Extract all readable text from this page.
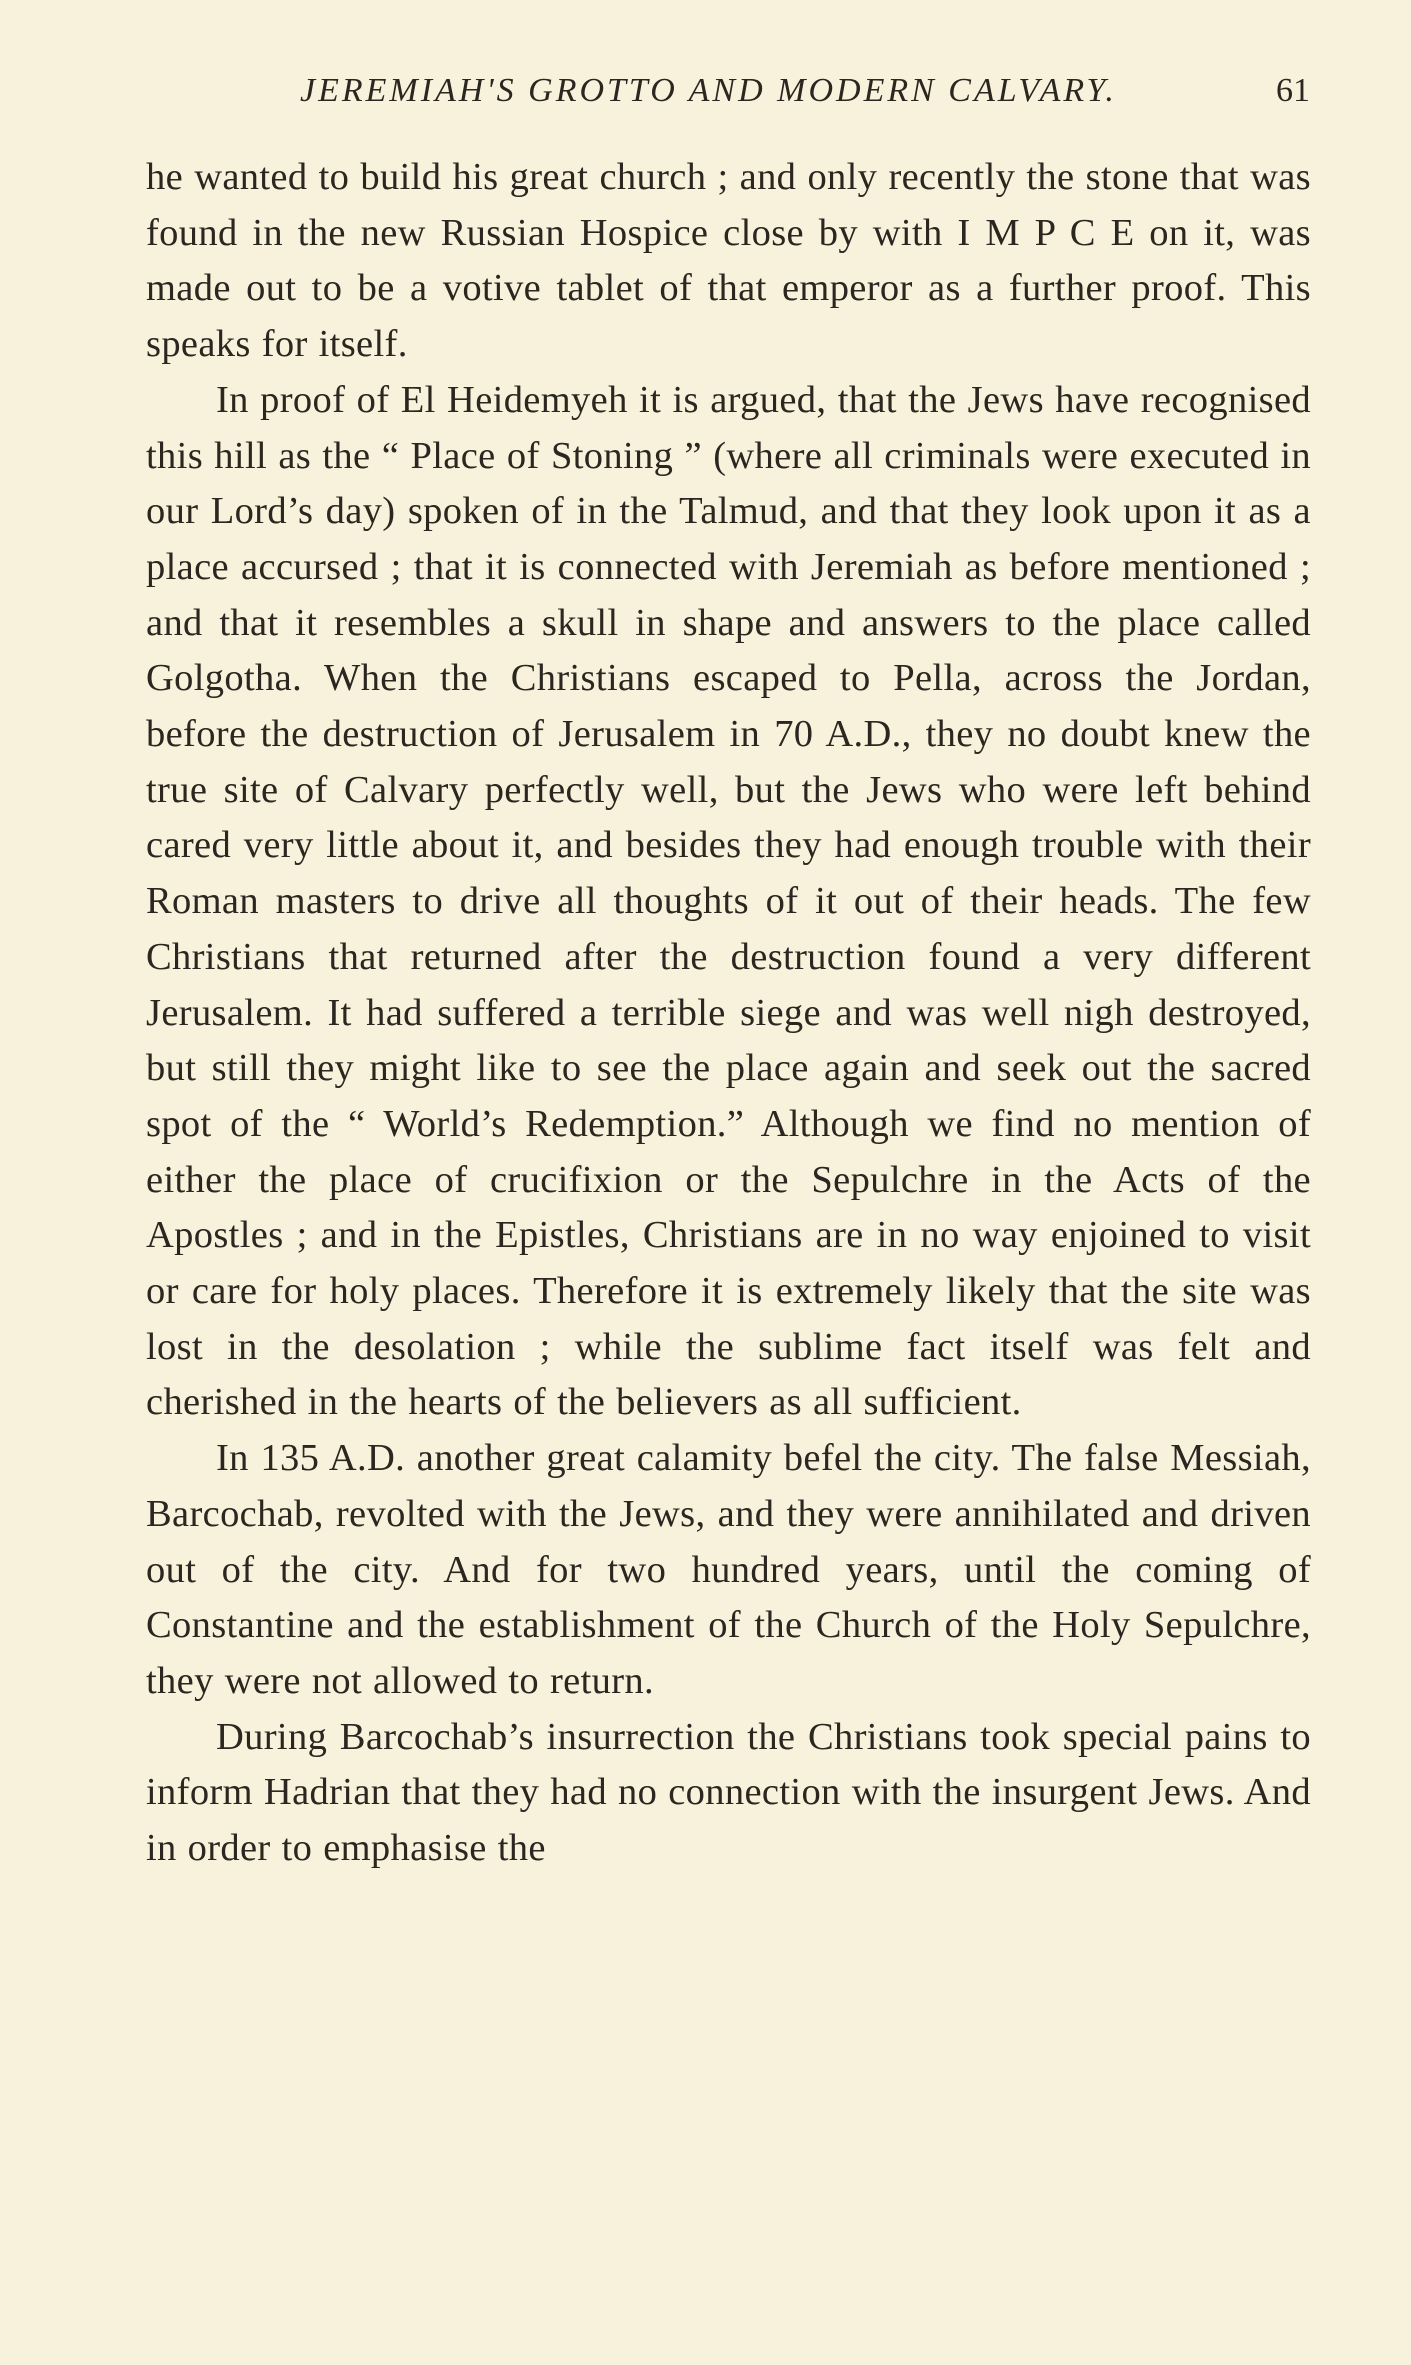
JEREMIAH'S GROTTO AND MODERN CALVARY.	61

he wanted to build his great church ; and only recently the stone that was found in the new Russian Hospice close by with I M P C E on it, was made out to be a votive tablet of that emperor as a further proof. This speaks for itself.

In proof of El Heidemyeh it is argued, that the Jews have recognised this hill as the “ Place of Stoning ” (where all criminals were executed in our Lord’s day) spoken of in the Talmud, and that they look upon it as a place accursed ; that it is connected with Jeremiah as before mentioned ; and that it resembles a skull in shape and answers to the place called Golgotha. When the Christians escaped to Pella, across the Jordan, before the destruction of Jerusalem in 70 A.D., they no doubt knew the true site of Calvary perfectly well, but the Jews who were left behind cared very little about it, and besides they had enough trouble with their Roman masters to drive all thoughts of it out of their heads. The few Christians that returned after the destruction found a very different Jerusalem. It had suffered a terrible siege and was well nigh destroyed, but still they might like to see the place again and seek out the sacred spot of the “ World’s Redemption.” Although we find no mention of either the place of crucifixion or the Sepulchre in the Acts of the Apostles ; and in the Epistles, Christians are in no way enjoined to visit or care for holy places. Therefore it is extremely likely that the site was lost in the desolation ; while the sublime fact itself was felt and cherished in the hearts of the believers as all sufficient.

In 135 A.D. another great calamity befel the city. The false Messiah, Barcochab, revolted with the Jews, and they were annihilated and driven out of the city. And for two hundred years, until the coming of Constantine and the establishment of the Church of the Holy Sepulchre, they were not allowed to return.

During Barcochab’s insurrection the Christians took special pains to inform Hadrian that they had no connection with the insurgent Jews. And in order to emphasise the
